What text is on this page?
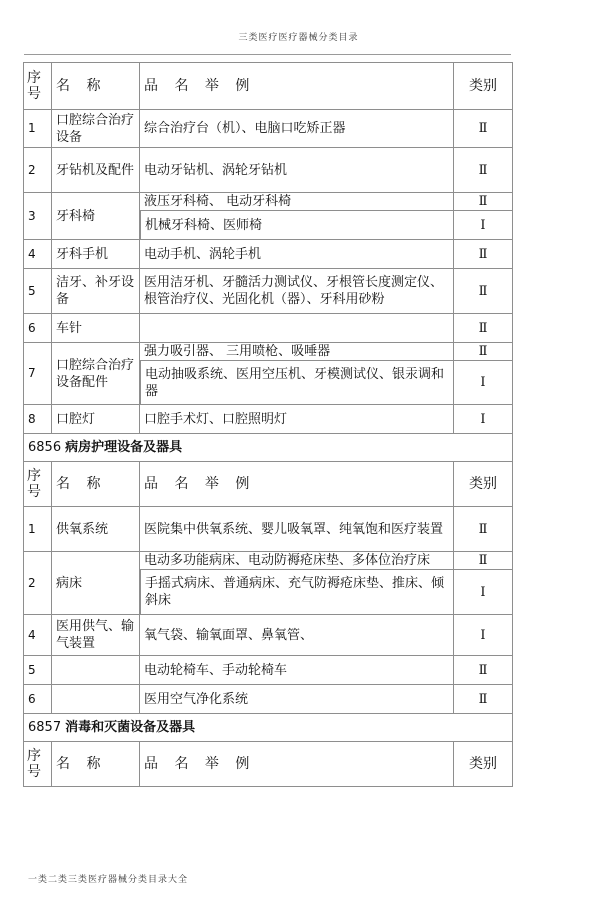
三类医疗医疗器械分类目录
序号	名 称	品 名 举 例	类别
1	口腔综合治疗设备	综合治疗台（机）、电脑口吃矫正器	Ⅱ
2	牙钻机及配件	电动牙钻机、涡轮牙钻机	Ⅱ
3	牙科椅	液压牙科椅、 电动牙科椅	Ⅱ
		机械牙科椅、医师椅	Ⅰ
4	牙科手机	电动手机、涡轮手机	Ⅱ
5	洁牙、补牙设备	医用洁牙机、牙髓活力测试仪、牙根管长度测定仪、根管治疗仪、光固化机（器）、牙科用砂粉	Ⅱ
6	车针		Ⅱ
7	口腔综合治疗设备配件	强力吸引器、 三用喷枪、吸唾器	Ⅱ
		电动抽吸系统、医用空压机、牙模测试仪、银汞调和器	Ⅰ
8	口腔灯	口腔手术灯、口腔照明灯	Ⅰ
6856 病房护理设备及器具			
序号	名 称	品 名 举 例	类别
1	供氧系统	医院集中供氧系统、婴儿吸氧罩、纯氧饱和医疗装置	Ⅱ
2	病床	电动多功能病床、电动防褥疮床垫、多体位治疗床	Ⅱ
		手摇式病床、普通病床、充气防褥疮床垫、推床、倾斜床	Ⅰ
4	医用供气、输气装置	氧气袋、输氧面罩、鼻氧管、	Ⅰ
5		电动轮椅车、手动轮椅车	Ⅱ
6		医用空气净化系统	Ⅱ
6857 消毒和灭菌设备及器具			
序号	名 称	品 名 举 例	类别
一类二类三类医疗器械分类目录大全
